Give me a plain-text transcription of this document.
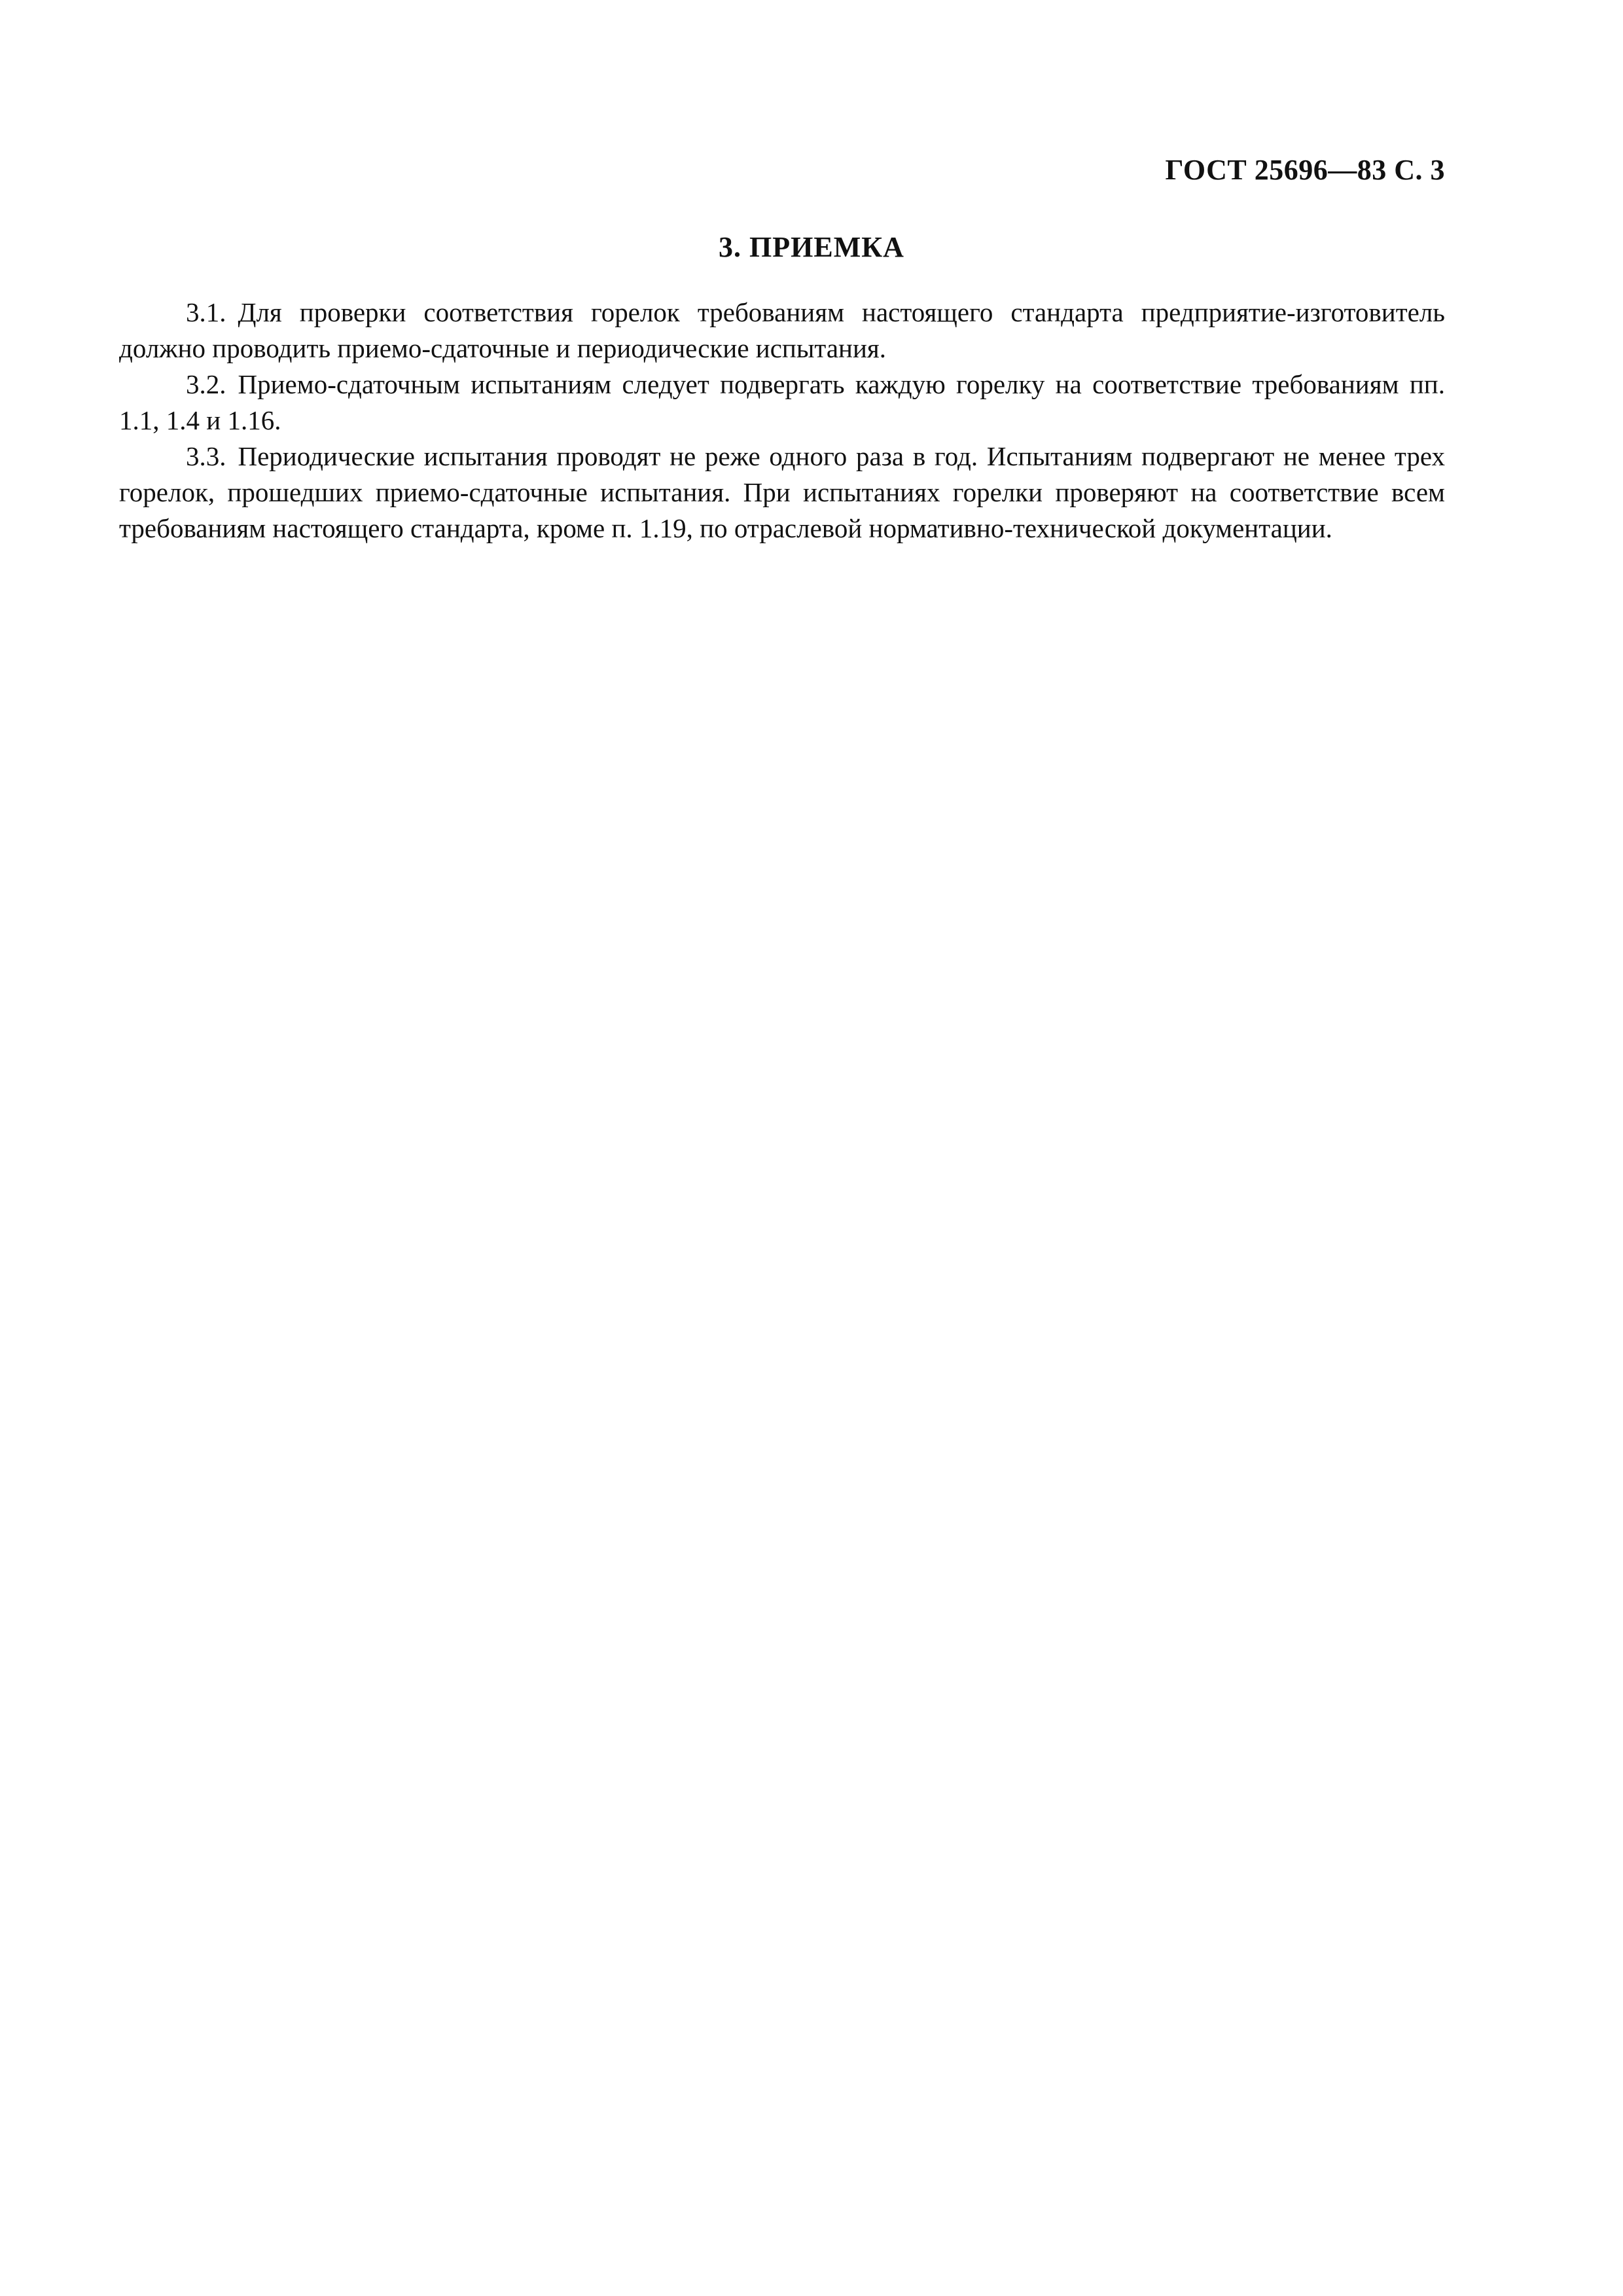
ГОСТ 25696—83 С. 3
3. ПРИЕМКА

3.1. Для проверки соответствия горелок требованиям настоящего стандарта предприятие-изготовитель должно проводить приемо-сдаточные и периодические испытания.

3.2. Приемо-сдаточным испытаниям следует подвергать каждую горелку на соответствие требованиям пп. 1.1, 1.4 и 1.16.

3.3. Периодические испытания проводят не реже одного раза в год. Испытаниям подвергают не менее трех горелок, прошедших приемо-сдаточные испытания. При испытаниях горелки проверяют на соответствие всем требованиям настоящего стандарта, кроме п. 1.19, по отраслевой нормативно-технической документации.
